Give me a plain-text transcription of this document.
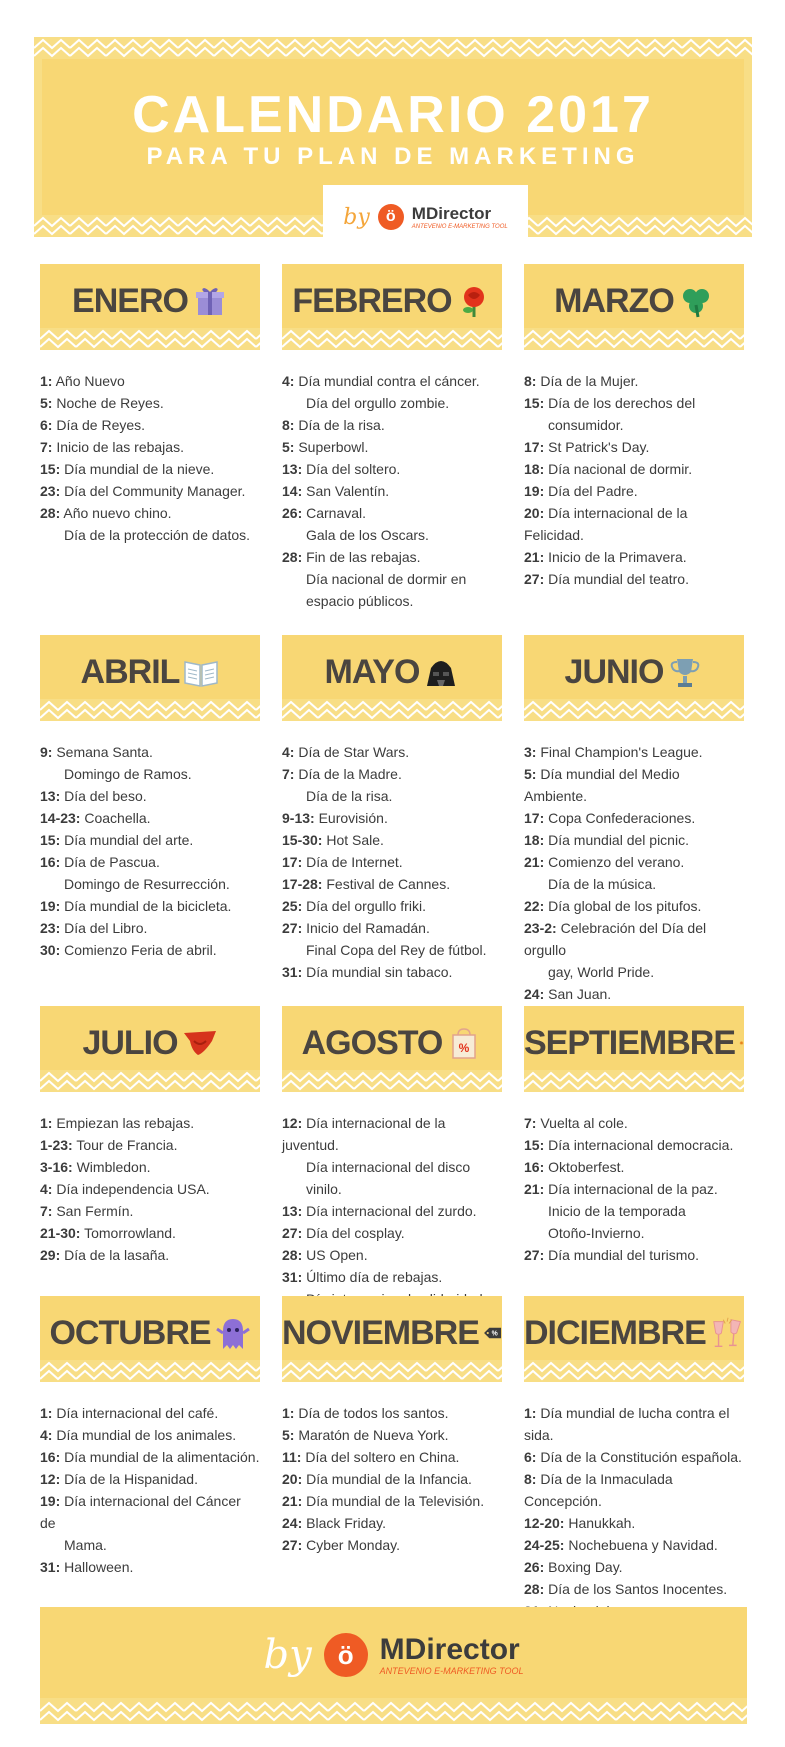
CALENDARIO 2017
PARA TU PLAN DE MARKETING
by	ö MDirector
ANTEVENIO E-MARKETING TOOL
ENERO
1: Año Nuevo
5: Noche de Reyes.
6: Día de Reyes.
7: Inicio de las rebajas.
15: Día mundial de la nieve.
23: Día del Community Manager.
28: Año nuevo chino.
Día de la protección de datos.
FEBRERO
4: Día mundial contra el cáncer.
Día del orgullo zombie.
8: Día de la risa.
5: Superbowl.
13: Día del soltero.
14: San Valentín.
26: Carnaval.
Gala de los Oscars.
28: Fin de las rebajas.
Día nacional de dormir en
espacio públicos.
MARZO
8: Día de la Mujer.
15: Día de los derechos del
consumidor.
17: St Patrick's Day.
18: Día nacional de dormir.
19: Día del Padre.
20: Día internacional de la Felicidad.
21: Inicio de la Primavera.
27: Día mundial del teatro.
ABRIL
9: Semana Santa.
Domingo de Ramos.
13: Día del beso.
14-23: Coachella.
15: Día mundial del arte.
16: Día de Pascua.
Domingo de Resurrección.
19: Día mundial de la bicicleta.
23: Día del Libro.
30: Comienzo Feria de abril.
MAYO
4: Día de Star Wars.
7: Día de la Madre.
Día de la risa.
9-13: Eurovisión.
15-30: Hot Sale.
17: Día de Internet.
17-28: Festival de Cannes.
25: Día del orgullo friki.
27: Inicio del Ramadán.
Final Copa del Rey de fútbol.
31: Día mundial sin tabaco.
JUNIO
3: Final Champion's League.
5: Día mundial del Medio Ambiente.
17: Copa Confederaciones.
18: Día mundial del picnic.
21: Comienzo del verano.
Día de la música.
22: Día global de los pitufos.
23-2: Celebración del Día del orgullo
gay, World Pride.
24: San Juan.
JULIO
1: Empiezan las rebajas.
1-23: Tour de Francia.
3-16: Wimbledon.
4: Día independencia USA.
7: San Fermín.
21-30: Tomorrowland.
29: Día de la lasaña.
AGOSTO %
12: Día internacional de la juventud.
Día internacional del disco vinilo.
13: Día internacional del zurdo.
27: Día del cosplay.
28: US Open.
31: Último día de rebajas.
SEPTIEMBRE
7: Vuelta al cole.
15: Día internacional democracia.
16: Oktoberfest.
21: Día internacional de la paz.
Inicio de la temporada
Otoño-Invierno.
27: Día mundial del turismo.
OCTUBRE
1: Día internacional del café.
4: Día mundial de los animales.
16: Día mundial de la alimentación.
12: Día de la Hispanidad.
19: Día internacional del Cáncer de
Mama.
31: Halloween.
NOVIEMBRE %
1: Día de todos los santos.
5: Maratón de Nueva York.
11: Día del soltero en China.
20: Día mundial de la Infancia.
21: Día mundial de la Televisión.
24: Black Friday.
27: Cyber Monday.
DICIEMBRE
1: Día mundial de lucha contra el sida.
6: Día de la Constitución española.
8: Día de la Inmaculada Concepción.
12-20: Hanukkah.
24-25: Nochebuena y Navidad.
26: Boxing Day.
28: Día de los Santos Inocentes.
by	ö MDirector
ANTEVENIO E-MARKETING TOOL
